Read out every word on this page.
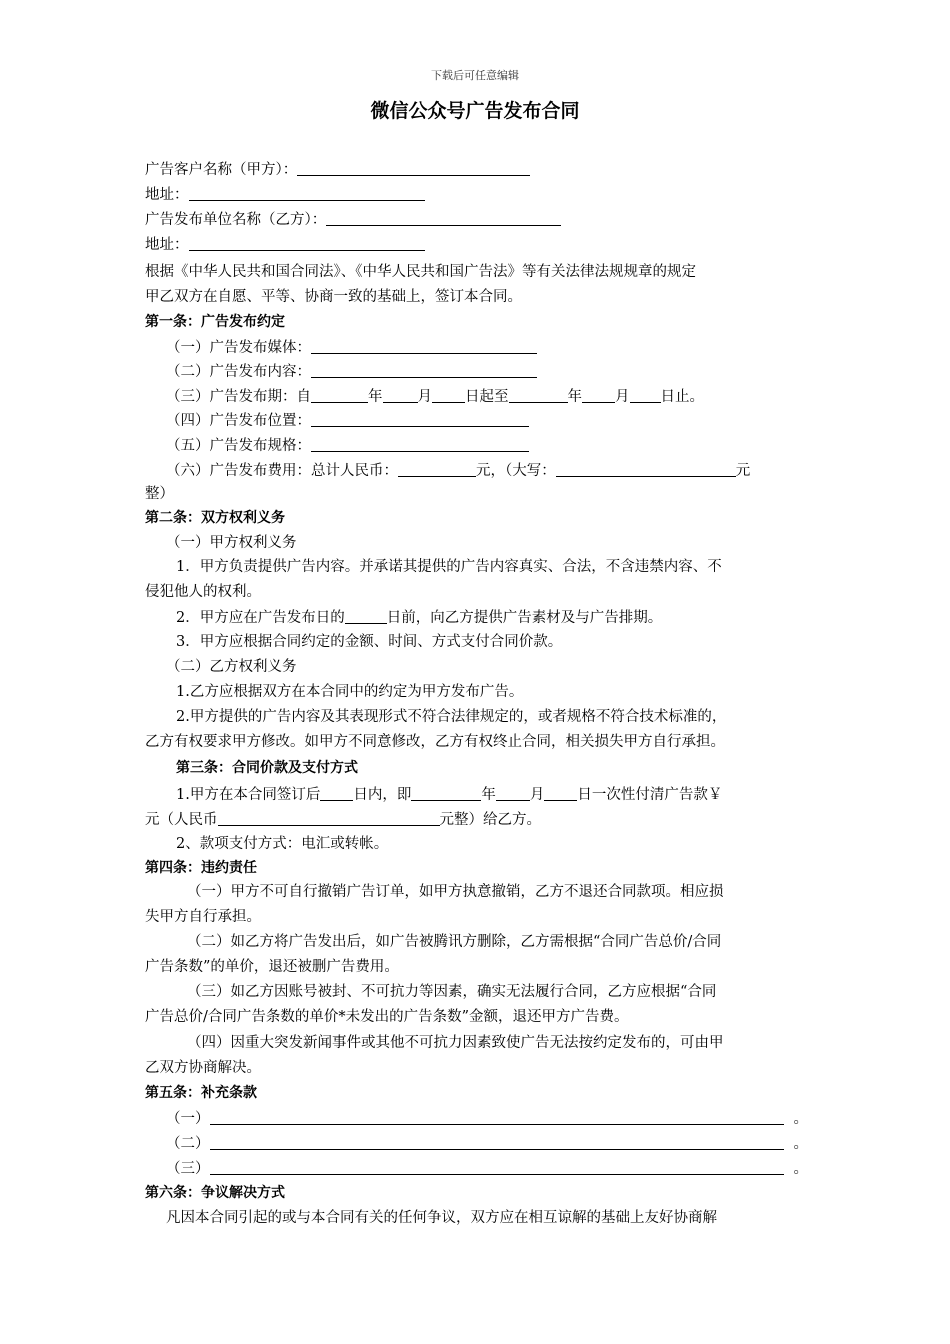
下载后可任意编辑
微信公众号广告发布合同
广告客户名称（甲方）：
地址：
广告发布单位名称（乙方）：
地址：
根据《中华人民共和国合同法》、《中华人民共和国广告法》等有关法律法规规章的规定
甲乙双方在自愿、平等、协商一致的基础上，签订本合同。
第一条：广告发布约定
（一）广告发布媒体：
（二）广告发布内容：
（三）广告发布期：自	年 月 日起至	年 月 日止。
（四）广告发布位置：
（五）广告发布规格：
（六）广告发布费用：总计人民币：	元，（大写：	元
整）
第二条：双方权利义务
（一）甲方权利义务
1．甲方负责提供广告内容。并承诺其提供的广告内容真实、合法，不含违禁内容、不
侵犯他人的权利。
2．甲方应在广告发布日的	日前，向乙方提供广告素材及与广告排期。
3．甲方应根据合同约定的金额、时间、方式支付合同价款。
（二）乙方权利义务
1.乙方应根据双方在本合同中的约定为甲方发布广告。
2.甲方提供的广告内容及其表现形式不符合法律规定的，或者规格不符合技术标准的，
乙方有权要求甲方修改。如甲方不同意修改，乙方有权终止合同，相关损失甲方自行承担。
第三条：合同价款及支付方式
1.甲方在本合同签订后 日内，即	年 月 日一次性付清广告款￥
元（人民币	元整）给乙方。
2、款项支付方式：电汇或转帐。
第四条：违约责任
（一）甲方不可自行撤销广告订单，如甲方执意撤销，乙方不退还合同款项。相应损
失甲方自行承担。
（二）如乙方将广告发出后，如广告被腾讯方删除，乙方需根据“合同广告总价/合同
广告条数”的单价，退还被删广告费用。
（三）如乙方因账号被封、不可抗力等因素，确实无法履行合同，乙方应根据“合同
广告总价/合同广告条数的单价*未发出的广告条数”金额，退还甲方广告费。
（四）因重大突发新闻事件或其他不可抗力因素致使广告无法按约定发布的，可由甲
乙双方协商解决。
第五条：补充条款
（一）	。
（二）	。
（三）	。
第六条：争议解决方式
凡因本合同引起的或与本合同有关的任何争议，双方应在相互谅解的基础上友好协商解
